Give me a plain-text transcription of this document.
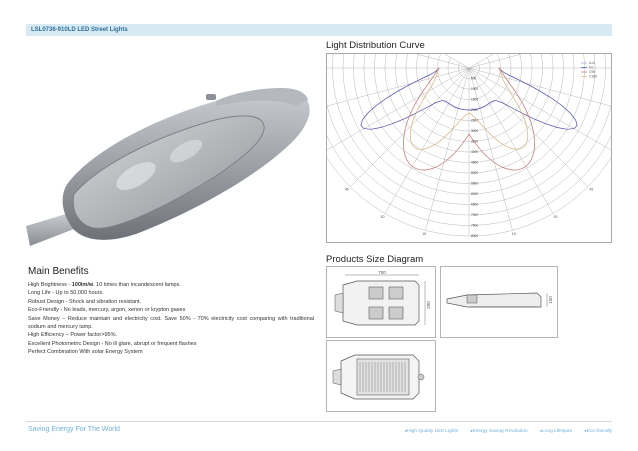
LSL0736-910LD LED Street Lights
Light Distribution Curve
15
15
30
30
45
45
500
1000
1500
2000
2500
3000
3500
4000
4500
5000
5500
6000
6500
7000
7500
8000
A-A
C0
C90
C180
Products Size Diagram
700
290
150
Main Benefits

High Brightness - 100lm/w. 10 times than incandescent lamps.

Long Life - Up to 50,000 hours.

Robust Design - Shock and vibration resistant.

Eco-Friendly - No leads, mercury, argon, xenon or krypton gases

Save Money – Reduce maintain and electricity cost. Save 50% - 70% electricity cost comparing with traditional sodium and mercury lamp.

High Efficiency – Power factor>95%.

Excellent Photometric Design - No ill glare, abrupt or frequent flashes

Perfect Combination With solar Energy System

Saving Energy For The World	● High Quality LED Lights	● Energy Saving Revolution	● Long Lifespan	● Eco-friendly
